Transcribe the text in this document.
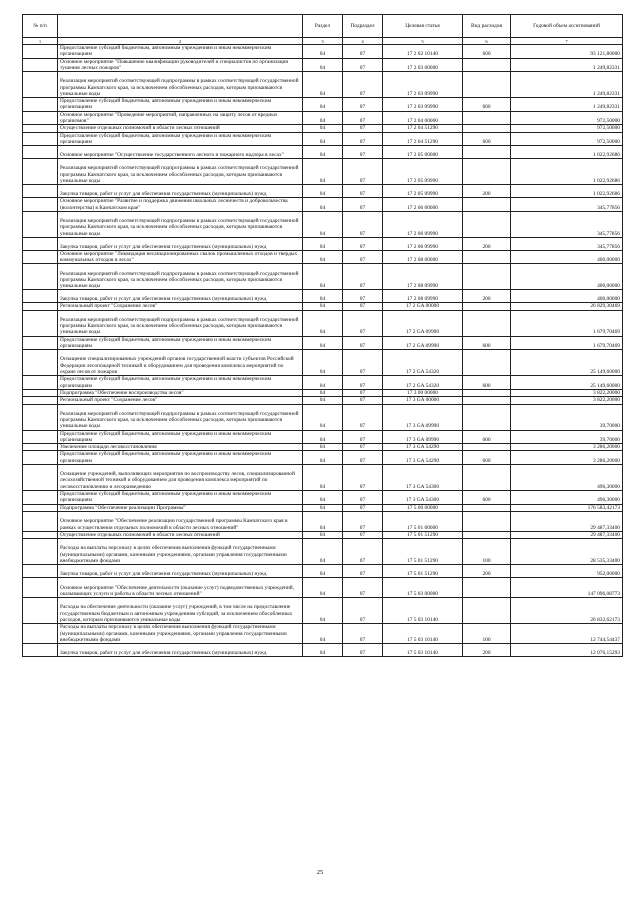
№ п/п		Раздел	Подраздел	Целевая статья	Вид расходов	Годовой объем ассигнований
1	2	3	4	5	6	7
	Предоставление субсидий бюджетным, автономным учреждениям и иным некоммерческим организациям	04	07	17 2 02 10140	600	93 121,80000
	Основное мероприятие "Повышение квалификации руководителей и специалистов по организации тушения лесных пожаров"	04	07	17 2 03 00000		1 249,82331
	Реализация мероприятий соответствующей подпрограммы в рамках соответствующей государственной программы Камчатского края, за исключением обособленных расходов, которым присваиваются уникальные коды	04	07	17 2 03 09990		1 249,82331
	Предоставление субсидий бюджетным, автономным учреждениям и иным некоммерческим организациям	04	07	17 2 03 09990	600	1 249,82331
	Основное мероприятие "Проведение мероприятий, направленных на защиту лесов от вредных организмов"	04	07	17 2 04 00000		972,50000
	Осуществление отдельных полномочий в области лесных отношений	04	07	17 2 04 51290		972,50000
	Предоставление субсидий бюджетным, автономным учреждениям и иным некоммерческим организациям	04	07	17 2 04 51290	600	972,50000
	Основное мероприятие "Осуществление государственного лесного и пожарного надзора в лесах"	04	07	17 2 05 00000		1 022,92686
	Реализация мероприятий соответствующей подпрограммы в рамках соответствующей государственной программы Камчатского края, за исключением обособленных расходов, которым присваиваются уникальные коды	04	07	17 2 05 09990		1 022,92686
	Закупка товаров, работ и услуг для обеспечения государственных (муниципальных) нужд	04	07	17 2 05 09990	200	1 022,92686
	Основное мероприятие "Развитие и поддержка движения школьных лесничеств и добровольчества (волонтерства) в Камчатском крае"	04	07	17 2 06 00000		345,77856
	Реализация мероприятий соответствующей подпрограммы в рамках соответствующей государственной программы Камчатского края, за исключением обособленных расходов, которым присваиваются уникальные коды	04	07	17 2 06 09990		345,77856
	Закупка товаров, работ и услуг для обеспечения государственных (муниципальных) нужд	04	07	17 2 06 09990	200	345,77856
	Основное мероприятие "Ликвидация несанкционированных свалок промышленных отходов и твердых коммунальных отходов в лесах"	04	07	17 2 08 00000		400,00000
	Реализация мероприятий соответствующей подпрограммы в рамках соответствующей государственной программы Камчатского края, за исключением обособленных расходов, которым присваиваются уникальные коды	04	07	17 2 08 09990		400,00000
	Закупка товаров, работ и услуг для обеспечения государственных (муниципальных) нужд	04	07	17 2 08 09990	200	400,00000
	Региональный проект "Сохранение лесов"	04	07	17 2 GA 00000		26 829,30469
	Реализация мероприятий соответствующей подпрограммы в рамках соответствующей государственной программы Камчатского края, за исключением обособленных расходов, которым присваиваются уникальные коды	04	07	17 2 GA 09990		1 679,70469
	Предоставление субсидий бюджетным, автономным учреждениям и иным некоммерческим организациям	04	07	17 2 GA 09990	600	1 679,70469
	Оснащение специализированных учреждений органов государственной власти субъектов Российской Федерации лесопожарной техникой и оборудованием для проведения комплекса мероприятий по охране лесов от пожаров	04	07	17 2 GA 54320		25 149,60000
	Предоставление субсидий бюджетным, автономным учреждениям и иным некоммерческим организациям	04	07	17 2 GA 54320	600	25 149,60000
	Подпрограмма "Обеспечение воспроизводства лесов"	04	07	17 3 00 00000		3 822,20000
	Региональный проект "Сохранение лесов"	04	07	17 3 GA 00000		3 822,20000
	Реализация мероприятий соответствующей подпрограммы в рамках соответствующей государственной программы Камчатского края, за исключением обособленных расходов, которым присваиваются уникальные коды	04	07	17 3 GA 09990		39,70000
	Предоставление субсидий бюджетным, автономным учреждениям и иным некоммерческим организациям	04	07	17 3 GA 09990	600	39,70000
	Увеличение площади лесовосстановления	04	07	17 3 GA 54290		3 286,20000
	Предоставление субсидий бюджетным, автономным учреждениям и иным некоммерческим организациям	04	07	17 3 GA 54290	600	3 286,20000
	Оснащение учреждений, выполняющих мероприятия по воспроизводству лесов, специализированной лесохозяйственной техникой и оборудованием для проведения комплекса мероприятий по лесовосстановлению и лесоразведению	04	07	17 3 GA 54300		496,30000
	Предоставление субсидий бюджетным, автономным учреждениям и иным некоммерческим организациям	04	07	17 3 GA 54300	600	496,30000
	Подпрограмма "Обеспечение реализации Программы"	04	07	17 5 00 00000		176 583,42173
	Основное мероприятие "Обеспечение реализации государственной программы Камчатского края в рамках осуществления отдельных полномочий в области лесных отношений"	04	07	17 5 01 00000		29 487,33400
	Осуществление отдельных полномочий в области лесных отношений	04	07	17 5 01 51290		29 487,33400
	Расходы на выплаты персоналу в целях обеспечения выполнения функций государственными (муниципальными) органами, казенными учреждениями, органами управления государственными внебюджетными фондами	04	07	17 5 01 51290	100	28 535,33400
	Закупка товаров, работ и услуг для обеспечения государственных (муниципальных) нужд	04	07	17 5 01 51290	200	952,00000
	Основное мероприятие "Обеспечение деятельности (оказание услуг) подведомственных учреждений, оказывающих услуги и работы в области лесных отношений"	04	07	17 5 03 00000		147 096,08773
	Расходы на обеспечение деятельности (оказание услуг) учреждений, в том числе на предоставление государственным бюджетным и автономным учреждениям субсидий, за исключением обособленных расходов, которым присваиваются уникальные коды	04	07	17 5 03 10140		26 832,62173
	Расходы на выплаты персоналу в целях обеспечения выполнения функций государственными (муниципальными) органами, казенными учреждениями, органами управления государственными внебюджетными фондами	04	07	17 5 03 10140	100	12 744,54437
	Закупка товаров, работ и услуг для обеспечения государственных (муниципальных) нужд	04	07	17 5 03 10140	200	12 076,15293
25
